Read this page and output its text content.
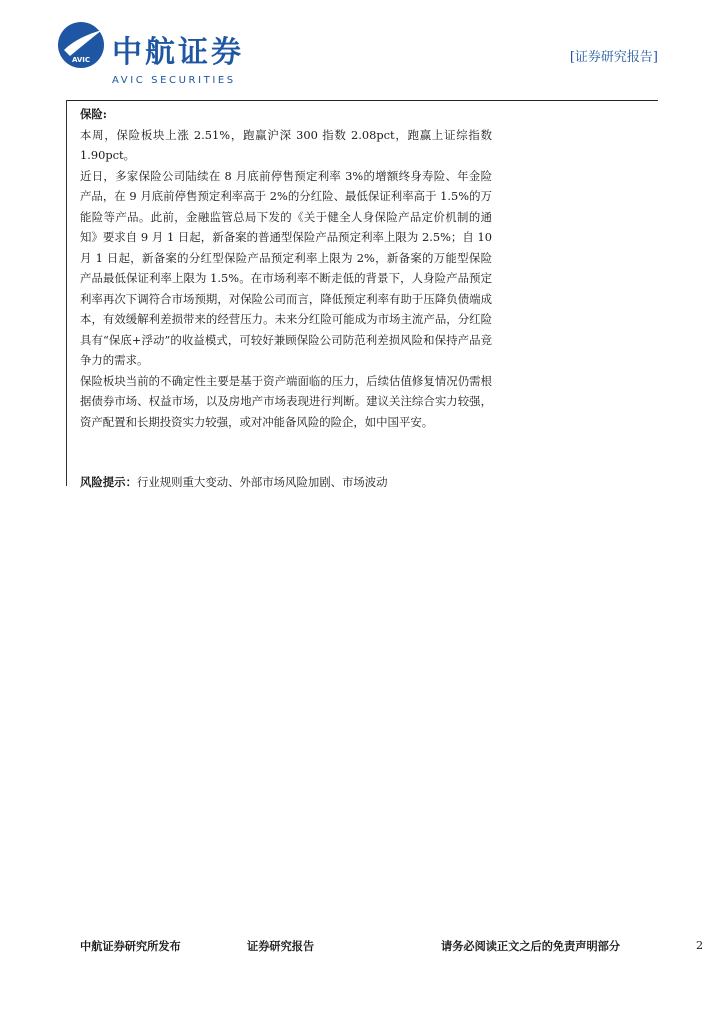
AVIC 中航证券
AVIC SECURITIES
[证券研究报告]

保险:

本周，保险板块上涨 2.51%，跑赢沪深 300 指数 2.08pct，跑赢上证综指数 1.90pct。

近日，多家保险公司陆续在 8 月底前停售预定利率 3%的增额终身寿险、年金险产品，在 9 月底前停售预定利率高于 2%的分红险、最低保证利率高于 1.5%的万能险等产品。此前，金融监管总局下发的《关于健全人身保险产品定价机制的通知》要求自 9 月 1 日起，新备案的普通型保险产品预定利率上限为 2.5%；自 10 月 1 日起，新备案的分红型保险产品预定利率上限为 2%，新备案的万能型保险产品最低保证利率上限为 1.5%。在市场利率不断走低的背景下，人身险产品预定利率再次下调符合市场预期，对保险公司而言，降低预定利率有助于压降负债端成本，有效缓解利差损带来的经营压力。未来分红险可能成为市场主流产品，分红险具有“保底+浮动”的收益模式，可较好兼顾保险公司防范利差损风险和保持产品竞争力的需求。

保险板块当前的不确定性主要是基于资产端面临的压力，后续估值修复情况仍需根据债券市场、权益市场，以及房地产市场表现进行判断。建议关注综合实力较强，资产配置和长期投资实力较强，或对冲能备风险的险企，如中国平安。

风险提示：行业规则重大变动、外部市场风险加剧、市场波动
中航证券研究所发布	证券研究报告	请务必阅读正文之后的免责声明部分	2
